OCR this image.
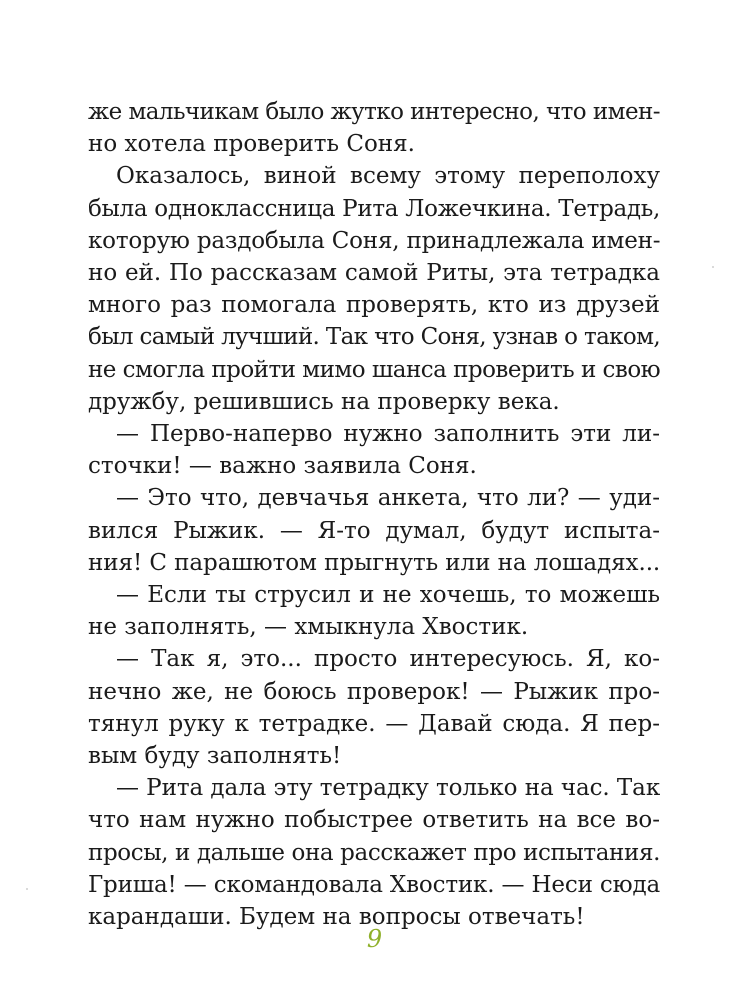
же мальчикам было жутко интересно, что имен-
но хотела проверить Соня.
Оказалось, виной всему этому переполоху
была одноклассница Рита Ложечкина. Тетрадь,
которую раздобыла Соня, принадлежала имен-
но ей. По рассказам самой Риты, эта тетрадка
много раз помогала проверять, кто из друзей
был самый лучший. Так что Соня, узнав о таком,
не смогла пройти мимо шанса проверить и свою
дружбу, решившись на проверку века.
— Перво-наперво нужно заполнить эти ли-
сточки! — важно заявила Соня.
— Это что, девчачья анкета, что ли? — уди-
вился Рыжик. — Я-то думал, будут испыта-
ния! С парашютом прыгнуть или на лошадях...
— Если ты струсил и не хочешь, то можешь
не заполнять, — хмыкнула Хвостик.
— Так я, это... просто интересуюсь. Я, ко-
нечно же, не боюсь проверок! — Рыжик про-
тянул руку к тетрадке. — Давай сюда. Я пер-
вым буду заполнять!
— Рита дала эту тетрадку только на час. Так
что нам нужно побыстрее ответить на все во-
просы, и дальше она расскажет про испытания.
Гриша! — скомандовала Хвостик. — Неси сюда
карандаши. Будем на вопросы отвечать!
9
